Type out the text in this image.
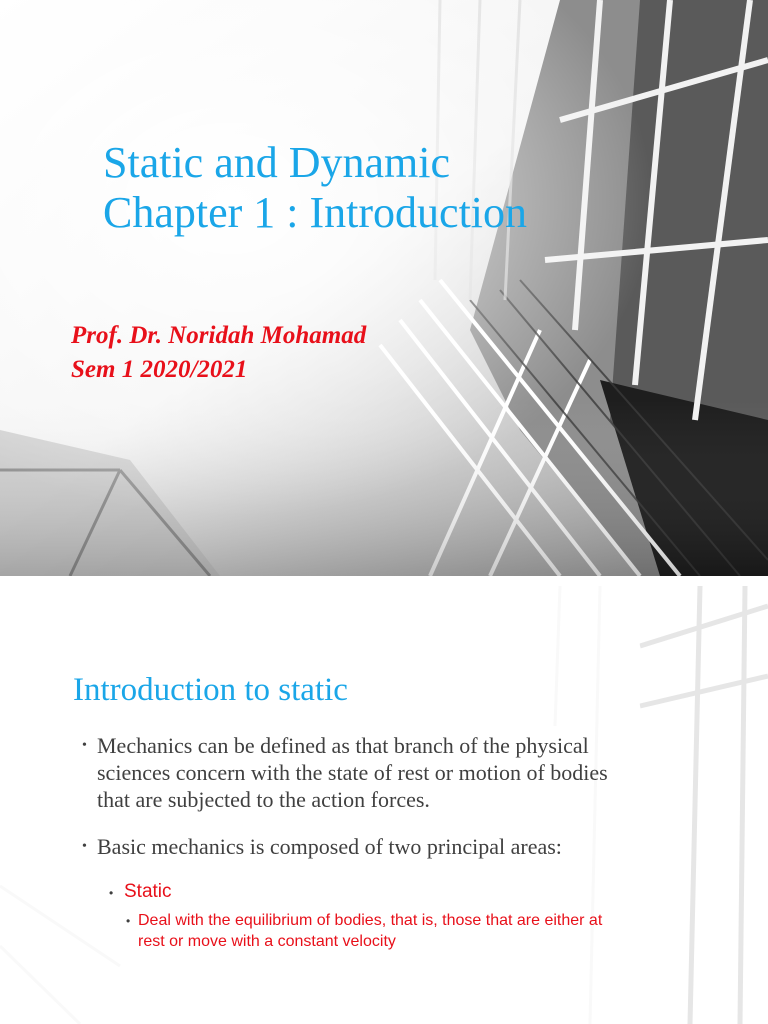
Static and Dynamic
Chapter 1 : Introduction
Prof. Dr. Noridah Mohamad
Sem 1 2020/2021
Introduction to static
• Mechanics can be defined as that branch of the physical sciences concern with the state of rest or motion of bodies that are subjected to the action forces.
• Basic mechanics is composed of two principal areas:
• Static
• Deal with the equilibrium of bodies, that is, those that are either at rest or move with a constant velocity
